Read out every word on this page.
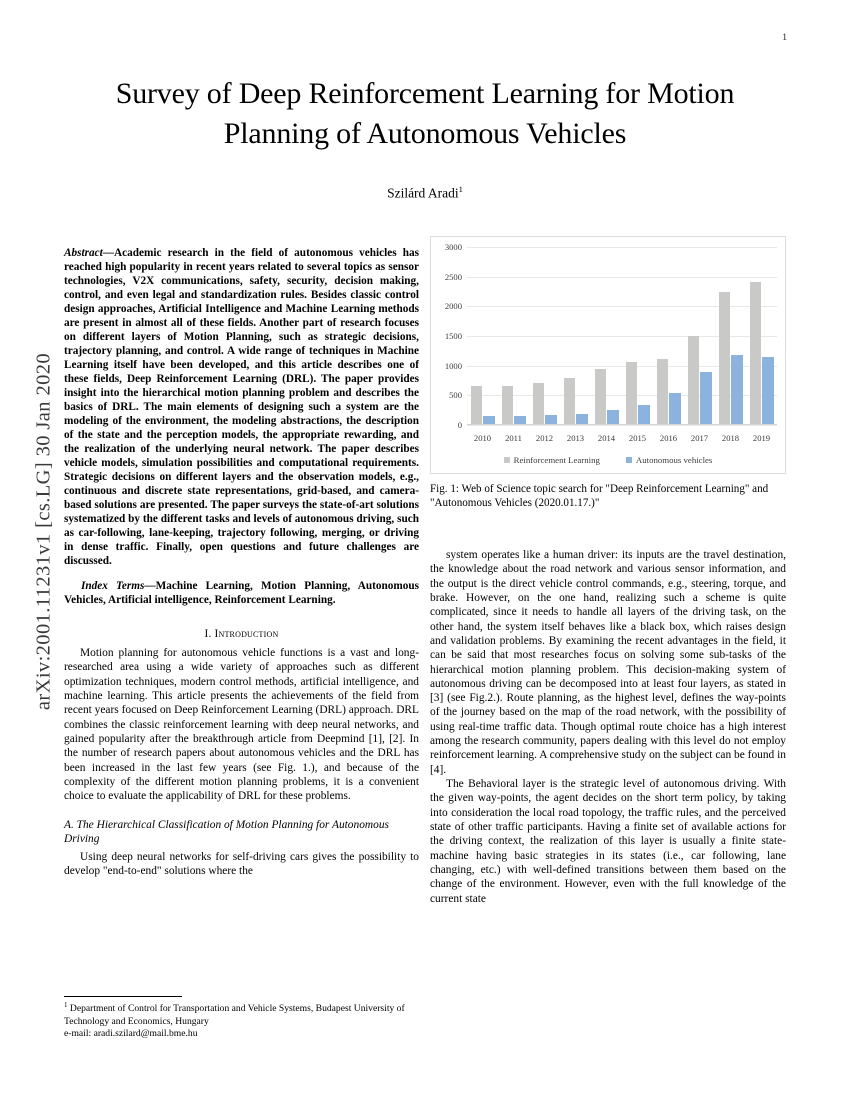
1
arXiv:2001.11231v1 [cs.LG] 30 Jan 2020
Survey of Deep Reinforcement Learning for Motion Planning of Autonomous Vehicles
Szilárd Aradi$^1$

Abstract—Academic research in the field of autonomous vehicles has reached high popularity in recent years related to several topics as sensor technologies, V2X communications, safety, security, decision making, control, and even legal and standardization rules. Besides classic control design approaches, Artificial Intelligence and Machine Learning methods are present in almost all of these fields. Another part of research focuses on different layers of Motion Planning, such as strategic decisions, trajectory planning, and control. A wide range of techniques in Machine Learning itself have been developed, and this article describes one of these fields, Deep Reinforcement Learning (DRL). The paper provides insight into the hierarchical motion planning problem and describes the basics of DRL. The main elements of designing such a system are the modeling of the environment, the modeling abstractions, the description of the state and the perception models, the appropriate rewarding, and the realization of the underlying neural network. The paper describes vehicle models, simulation possibilities and computational requirements. Strategic decisions on different layers and the observation models, e.g., continuous and discrete state representations, grid-based, and camera-based solutions are presented. The paper surveys the state-of-art solutions systematized by the different tasks and levels of autonomous driving, such as car-following, lane-keeping, trajectory following, merging, or driving in dense traffic. Finally, open questions and future challenges are discussed.

Index Terms—Machine Learning, Motion Planning, Autonomous Vehicles, Artificial intelligence, Reinforcement Learning.

I. Introduction

Motion planning for autonomous vehicle functions is a vast and long-researched area using a wide variety of approaches such as different optimization techniques, modern control methods, artificial intelligence, and machine learning. This article presents the achievements of the field from recent years focused on Deep Reinforcement Learning (DRL) approach. DRL combines the classic reinforcement learning with deep neural networks, and gained popularity after the breakthrough article from Deepmind [1], [2]. In the number of research papers about autonomous vehicles and the DRL has been increased in the last few years (see Fig. 1.), and because of the complexity of the different motion planning problems, it is a convenient choice to evaluate the applicability of DRL for these problems.

A. The Hierarchical Classification of Motion Planning for Autonomous Driving

Using deep neural networks for self-driving cars gives the possibility to develop "end-to-end" solutions where the

$^1$ Department of Control for Transportation and Vehicle Systems, Budapest University of Technology and Economics, Hungary
e-mail: aradi.szilard@mail.bme.hu
0
500
1000
1500
2000
2500
3000
2010	2011	2012	2013	2014	2015	2016	2017	2018	2019
Reinforcement Learning	Autonomous vehicles
Fig. 1: Web of Science topic search for "Deep Reinforcement Learning" and "Autonomous Vehicles (2020.01.17.)"

system operates like a human driver: its inputs are the travel destination, the knowledge about the road network and various sensor information, and the output is the direct vehicle control commands, e.g., steering, torque, and brake. However, on the one hand, realizing such a scheme is quite complicated, since it needs to handle all layers of the driving task, on the other hand, the system itself behaves like a black box, which raises design and validation problems. By examining the recent advantages in the field, it can be said that most researches focus on solving some sub-tasks of the hierarchical motion planning problem. This decision-making system of autonomous driving can be decomposed into at least four layers, as stated in [3] (see Fig.2.). Route planning, as the highest level, defines the way-points of the journey based on the map of the road network, with the possibility of using real-time traffic data. Though optimal route choice has a high interest among the research community, papers dealing with this level do not employ reinforcement learning. A comprehensive study on the subject can be found in [4].

The Behavioral layer is the strategic level of autonomous driving. With the given way-points, the agent decides on the short term policy, by taking into consideration the local road topology, the traffic rules, and the perceived state of other traffic participants. Having a finite set of available actions for the driving context, the realization of this layer is usually a finite state-machine having basic strategies in its states (i.e., car following, lane changing, etc.) with well-defined transitions between them based on the change of the environment. However, even with the full knowledge of the current state
